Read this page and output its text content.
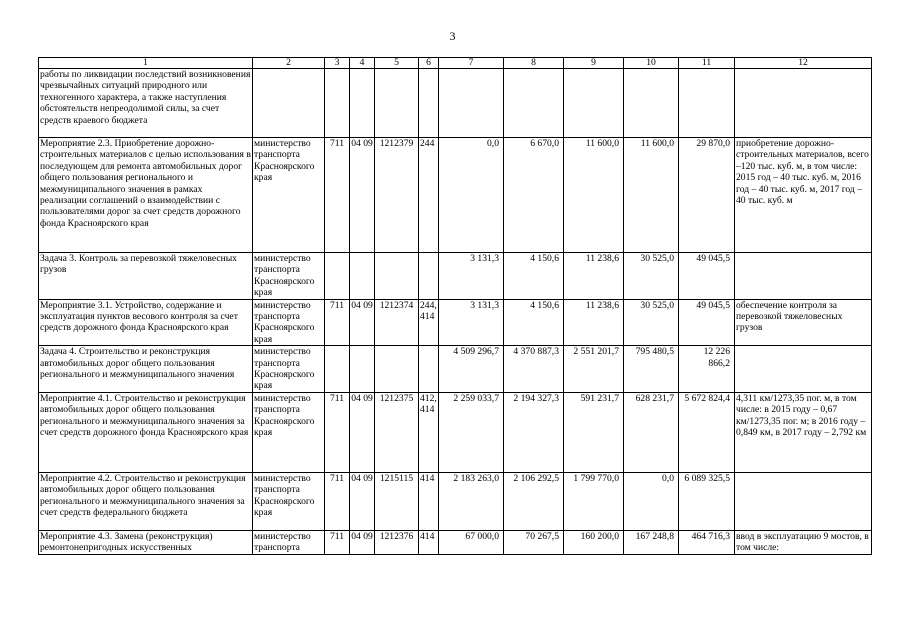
3
1	2	3	4	5	6	7	8	9	10	11	12
работы по ликвидации последствий возникновения чрезвычайных ситуаций природного или техногенного характера, а также наступления обстоятельств непреодолимой силы, за счет средств краевого бюджета											
Мероприятие 2.3. Приобретение дорожно-строительных материалов с целью использования в последующем для ремонта автомобильных дорог общего пользования регионального и межмуниципального значения в рамках реализации соглашений о взаимодействии с пользователями дорог за счет средств дорожного фонда Красноярского края	министерство транспорта Красноярского края	711	04 09	1212379	244	0,0	6 670,0	11 600,0	11 600,0	29 870,0	приобретение дорожно-строительных материалов, всего –120 тыс. куб. м, в том числе: 2015 год – 40 тыс. куб. м, 2016 год – 40 тыс. куб. м, 2017 год – 40 тыс. куб. м
Задача 3. Контроль за перевозкой тяжеловесных грузов	министерство транспорта Красноярского края					3 131,3	4 150,6	11 238,6	30 525,0	49 045,5	
Мероприятие 3.1. Устройство, содержание и эксплуатация пунктов весового контроля за счет средств дорожного фонда Красноярского края	министерство транспорта Красноярского края	711	04 09	1212374	244, 414	3 131,3	4 150,6	11 238,6	30 525,0	49 045,5	обеспечение контроля за перевозкой тяжеловесных грузов
Задача 4. Строительство и реконструкция автомобильных дорог общего пользования регионального и межмуниципального значения	министерство транспорта Красноярского края					4 509 296,7	4 370 887,3	2 551 201,7	795 480,5	12 226 866,2	
Мероприятие 4.1. Строительство и реконструкция автомобильных дорог общего пользования регионального и межмуниципального значения за счет средств дорожного фонда Красноярского края	министерство транспорта Красноярского края	711	04 09	1212375	412, 414	2 259 033,7	2 194 327,3	591 231,7	628 231,7	5 672 824,4	4,311 км/1273,35 пог. м, в том числе: в 2015 году – 0,67 км/1273,35 пог. м; в 2016 году – 0,849 км, в 2017 году – 2,792 км
Мероприятие 4.2. Строительство и реконструкция автомобильных дорог общего пользования регионального и межмуниципального значения за счет средств федерального бюджета	министерство транспорта Красноярского края	711	04 09	1215115	414	2 183 263,0	2 106 292,5	1 799 770,0	0,0	6 089 325,5	
Мероприятие 4.3. Замена (реконструкция) ремонтонепригодных искусственных	министерство транспорта	711	04 09	1212376	414	67 000,0	70 267,5	160 200,0	167 248,8	464 716,3	ввод в эксплуатацию 9 мостов, в том числе:
